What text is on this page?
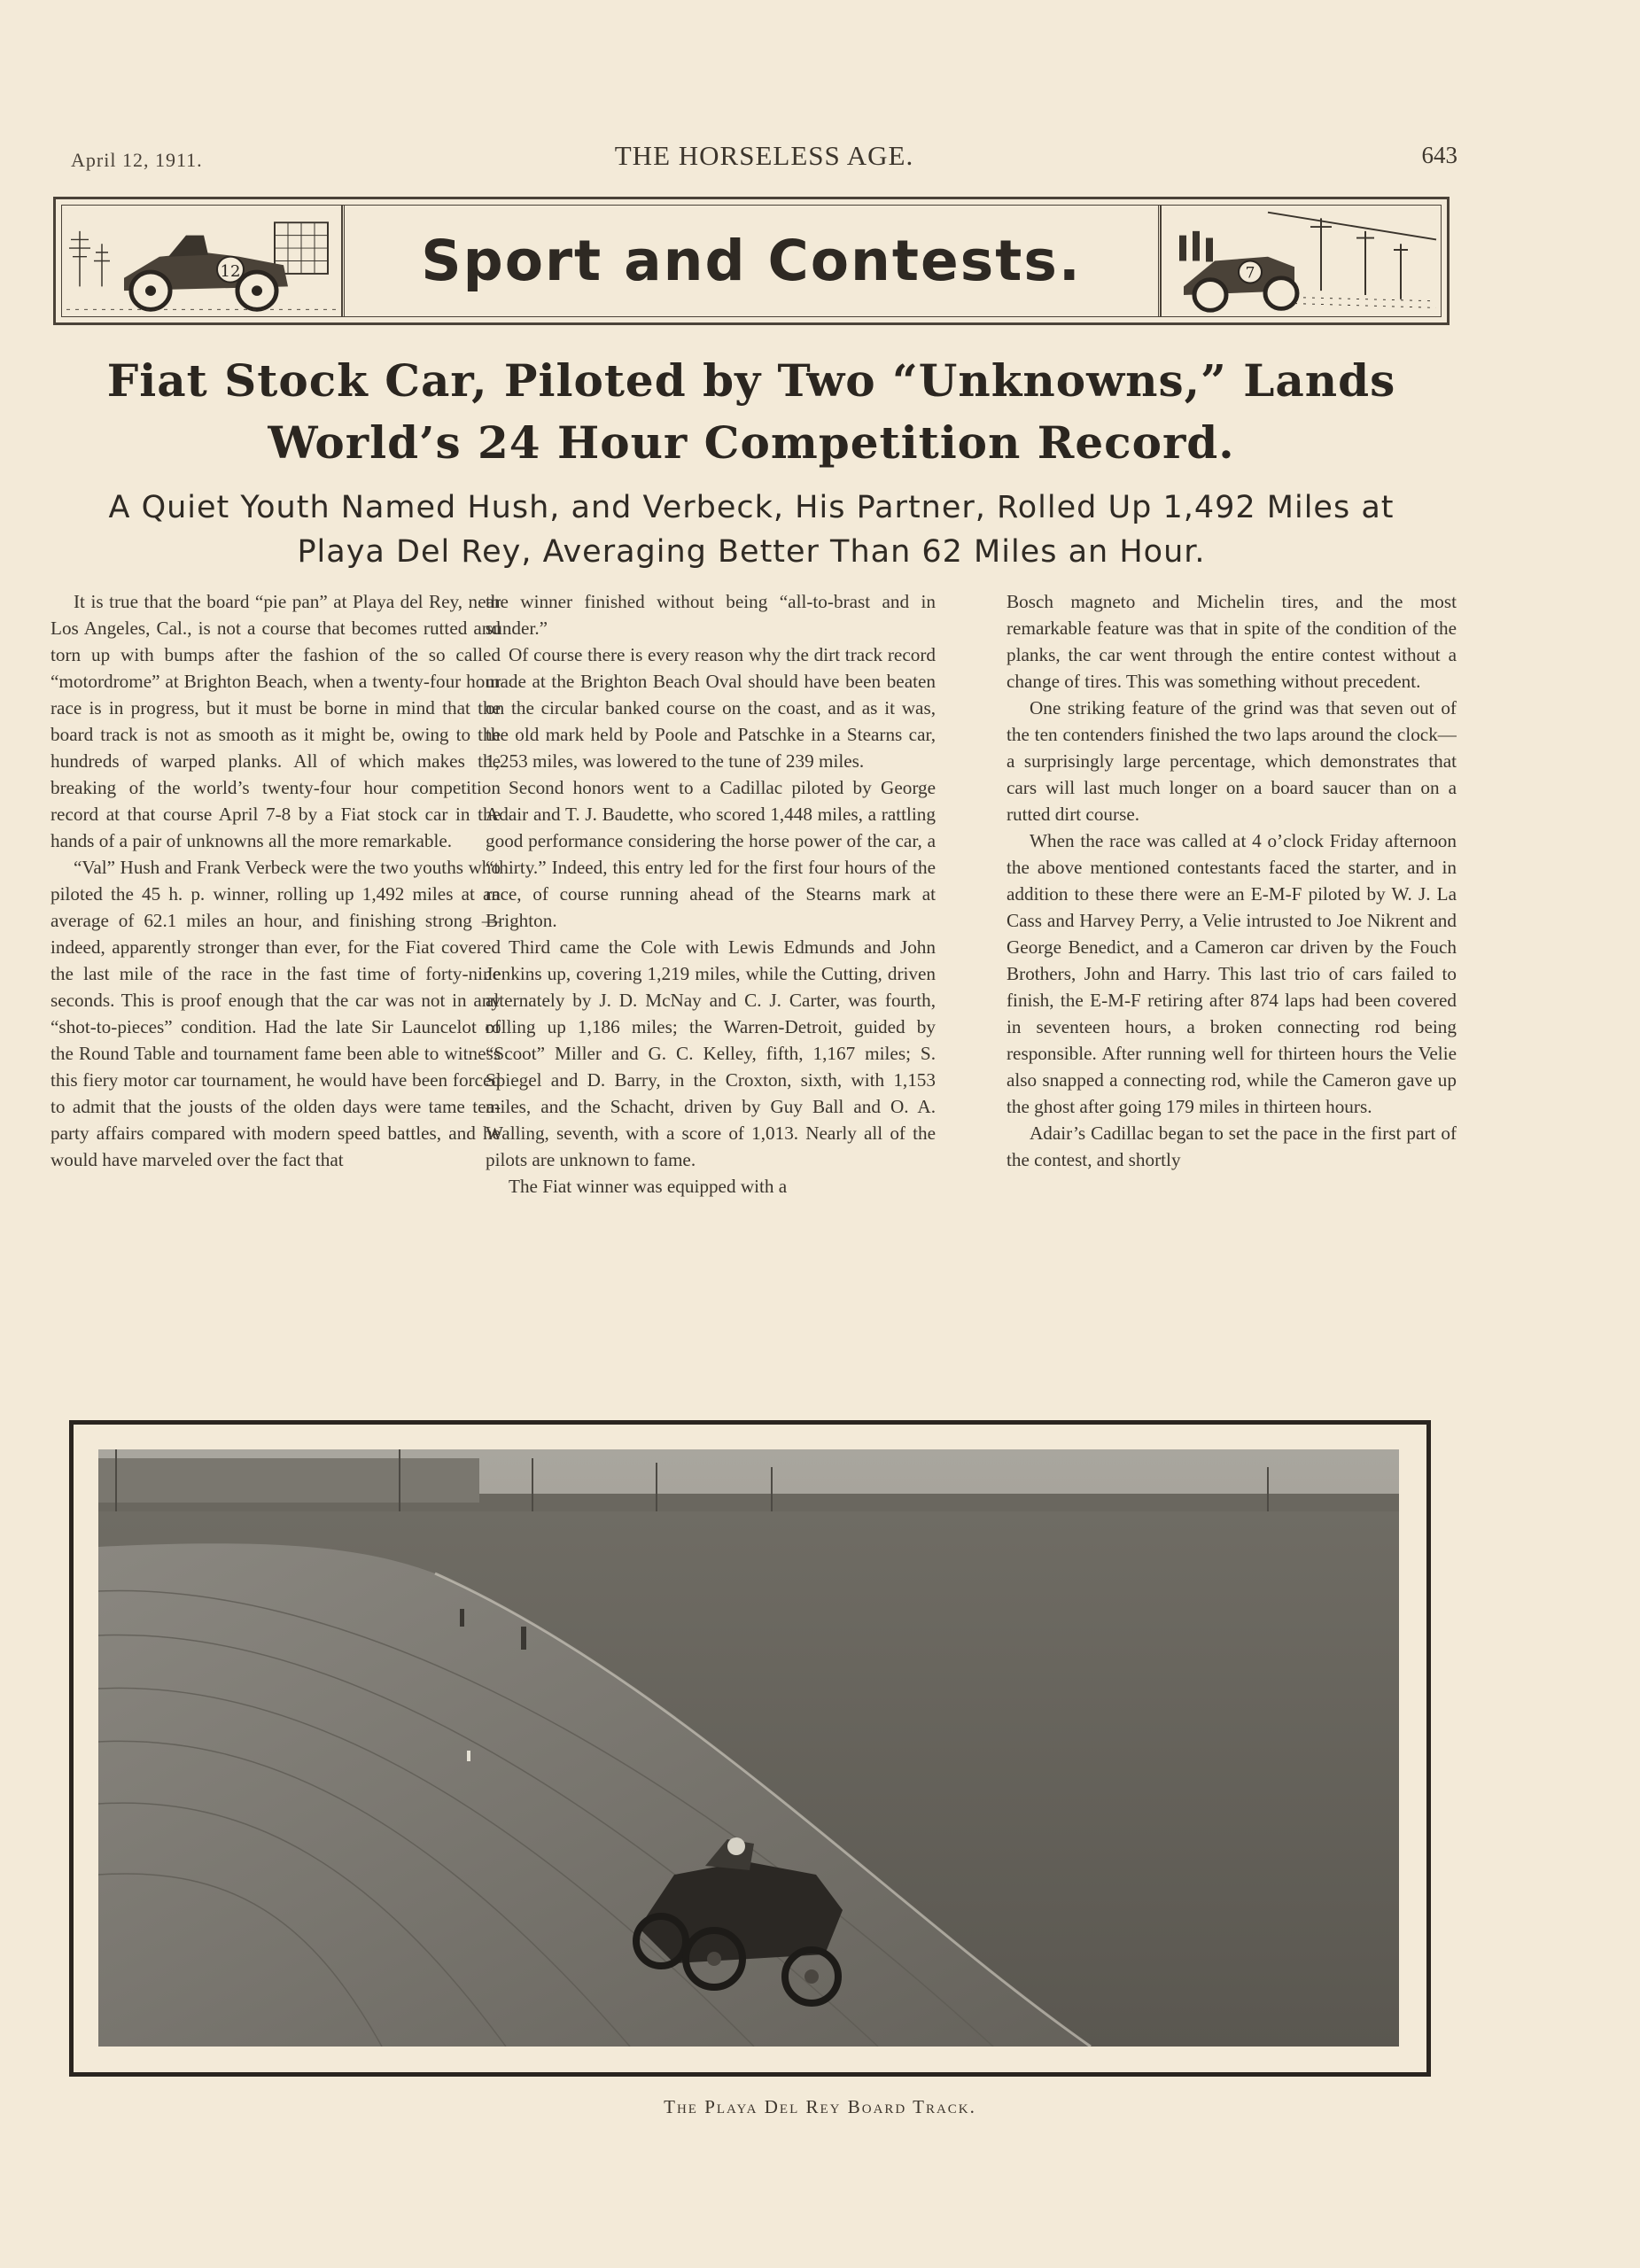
April 12, 1911.	THE HORSELESS AGE.	643
12	Sport and Contests.	7
Fiat Stock Car, Piloted by Two “Unknowns,” Lands
World’s 24 Hour Competition Record.
A Quiet Youth Named Hush, and Verbeck, His Partner, Rolled Up 1,492 Miles at
Playa Del Rey, Averaging Better Than 62 Miles an Hour.

It is true that the board “pie pan” at Playa del Rey, near Los Angeles, Cal., is not a course that becomes rutted and torn up with bumps after the fashion of the so called “motordrome” at Brighton Beach, when a twenty-four hour race is in progress, but it must be borne in mind that the board track is not as smooth as it might be, owing to the hundreds of warped planks. All of which makes the breaking of the world’s twenty-four hour competition record at that course April 7-8 by a Fiat stock car in the hands of a pair of unknowns all the more remarkable.

“Val” Hush and Frank Verbeck were the two youths who piloted the 45 h. p. winner, rolling up 1,492 miles at an average of 62.1 miles an hour, and finishing strong —indeed, apparently stronger than ever, for the Fiat covered the last mile of the race in the fast time of forty-nine seconds. This is proof enough that the car was not in any “shot-to-pieces” condition. Had the late Sir Launcelot of the Round Table and tournament fame been able to witness this fiery motor car tournament, he would have been forced to admit that the jousts of the olden days were tame tea-party affairs compared with modern speed battles, and he would have marveled over the fact that

the winner finished without being “all-to-brast and in sunder.”

Of course there is every reason why the dirt track record made at the Brighton Beach Oval should have been beaten on the circular banked course on the coast, and as it was, the old mark held by Poole and Patschke in a Stearns car, 1,253 miles, was lowered to the tune of 239 miles.

Second honors went to a Cadillac piloted by George Adair and T. J. Baudette, who scored 1,448 miles, a rattling good performance considering the horse power of the car, a “thirty.” Indeed, this entry led for the first four hours of the race, of course running ahead of the Stearns mark at Brighton.

Third came the Cole with Lewis Edmunds and John Jenkins up, covering 1,219 miles, while the Cutting, driven alternately by J. D. McNay and C. J. Carter, was fourth, rolling up 1,186 miles; the Warren-Detroit, guided by “Scoot” Miller and G. C. Kelley, fifth, 1,167 miles; S. Spiegel and D. Barry, in the Croxton, sixth, with 1,153 miles, and the Schacht, driven by Guy Ball and O. A. Walling, seventh, with a score of 1,013. Nearly all of the pilots are unknown to fame.

The Fiat winner was equipped with a

Bosch magneto and Michelin tires, and the most remarkable feature was that in spite of the condition of the planks, the car went through the entire contest without a change of tires. This was something without precedent.

One striking feature of the grind was that seven out of the ten contenders finished the two laps around the clock—a surprisingly large percentage, which demonstrates that cars will last much longer on a board saucer than on a rutted dirt course.

When the race was called at 4 o’clock Friday afternoon the above mentioned contestants faced the starter, and in addition to these there were an E-M-F piloted by W. J. La Cass and Harvey Perry, a Velie intrusted to Joe Nikrent and George Benedict, and a Cameron car driven by the Fouch Brothers, John and Harry. This last trio of cars failed to finish, the E-M-F retiring after 874 laps had been covered in seventeen hours, a broken connecting rod being responsible. After running well for thirteen hours the Velie also snapped a connecting rod, while the Cameron gave up the ghost after going 179 miles in thirteen hours.

Adair’s Cadillac began to set the pace in the first part of the contest, and shortly

The Playa Del Rey Board Track.
